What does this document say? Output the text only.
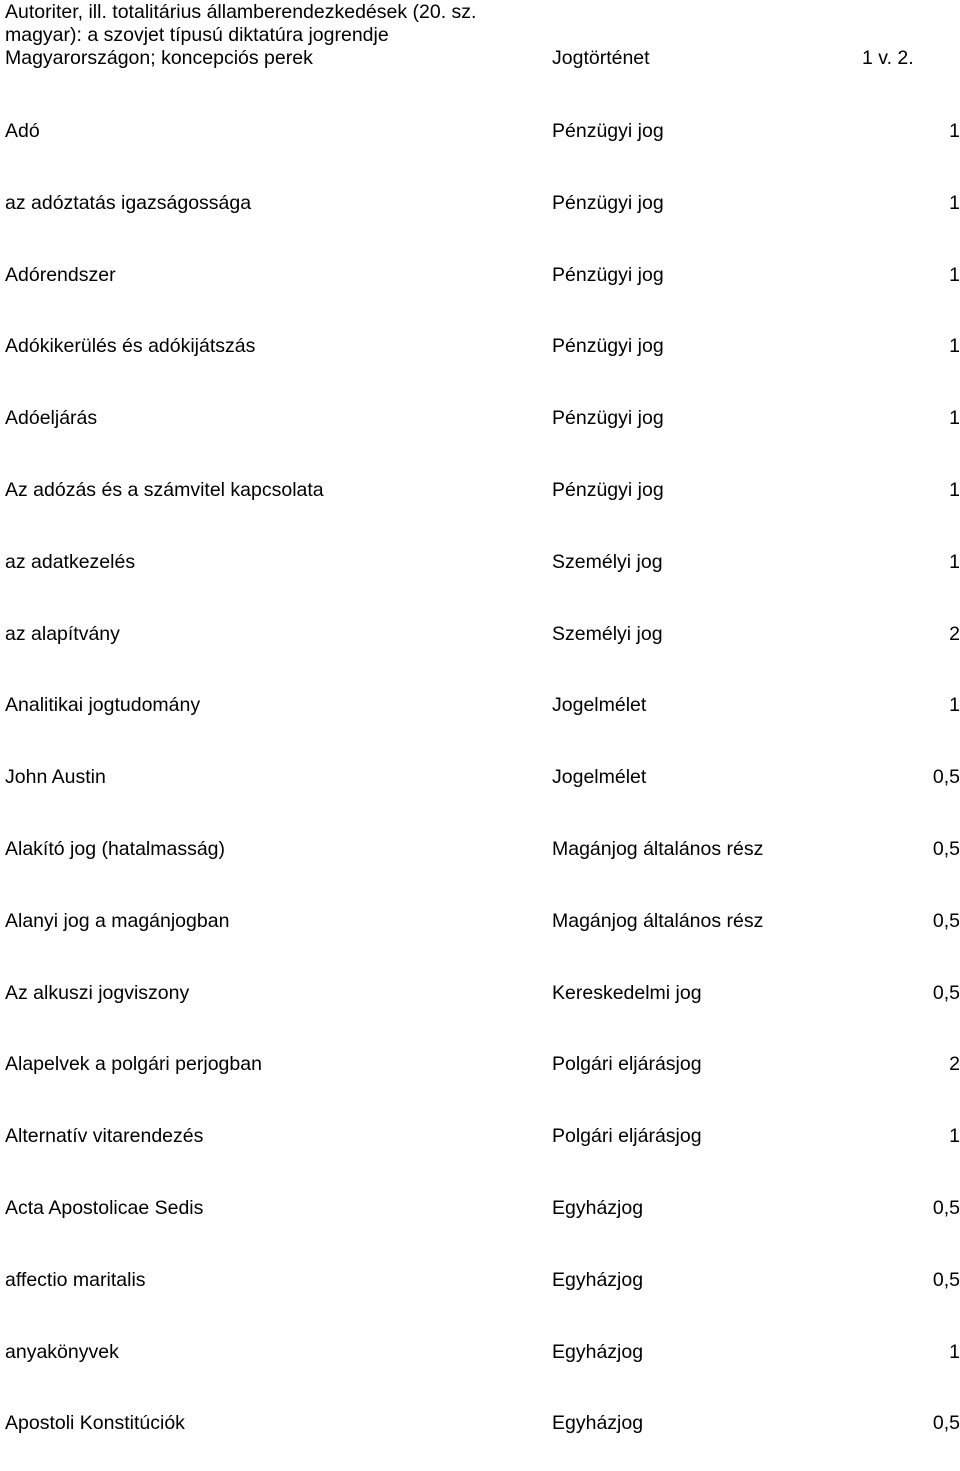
Autoriter, ill. totalitárius államberendezkedések (20. sz.
magyar): a szovjet típusú diktatúra jogrendje
Magyarországon; koncepciós perek	Jogtörténet	1 v. 2.
Adó	Pénzügyi jog	1
az adóztatás igazságossága	Pénzügyi jog	1
Adórendszer	Pénzügyi jog	1
Adókikerülés és adókijátszás	Pénzügyi jog	1
Adóeljárás	Pénzügyi jog	1
Az adózás és a számvitel kapcsolata	Pénzügyi jog	1
az adatkezelés	Személyi jog	1
az alapítvány	Személyi jog	2
Analitikai jogtudomány	Jogelmélet	1
John Austin	Jogelmélet	0,5
Alakító jog (hatalmasság)	Magánjog általános rész	0,5
Alanyi jog a magánjogban	Magánjog általános rész	0,5
Az alkuszi jogviszony	Kereskedelmi jog	0,5
Alapelvek a polgári perjogban	Polgári eljárásjog	2
Alternatív vitarendezés	Polgári eljárásjog	1
Acta Apostolicae Sedis	Egyházjog	0,5
affectio maritalis	Egyházjog	0,5
anyakönyvek	Egyházjog	1
Apostoli Konstitúciók	Egyházjog	0,5
